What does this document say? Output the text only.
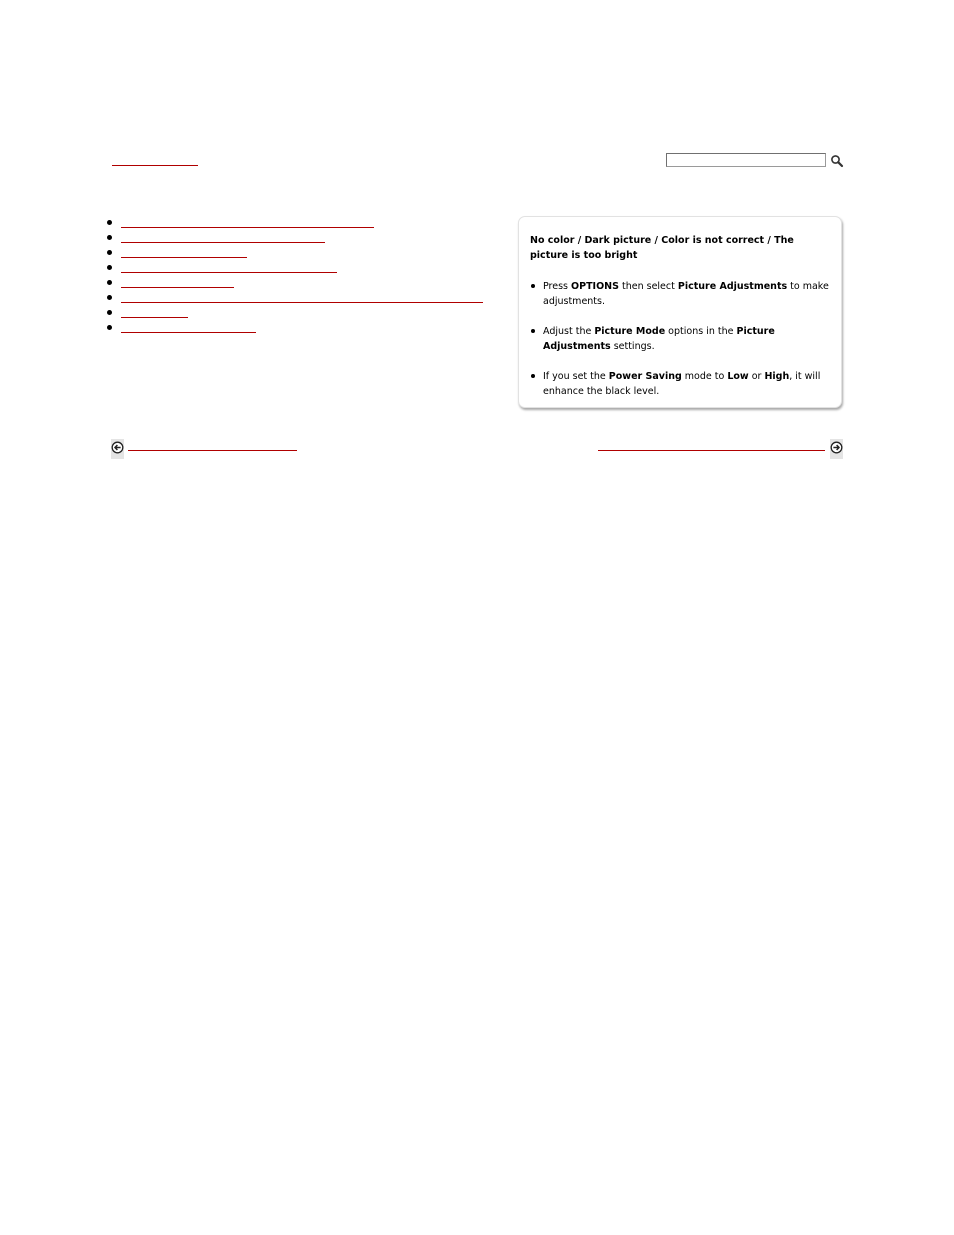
No color / Dark picture / Color is not correct / The picture is too bright

Press OPTIONS then select Picture Adjustments to make adjustments.
Adjust the Picture Mode options in the Picture Adjustments settings.
If you set the Power Saving mode to Low or High, it will enhance the black level.
